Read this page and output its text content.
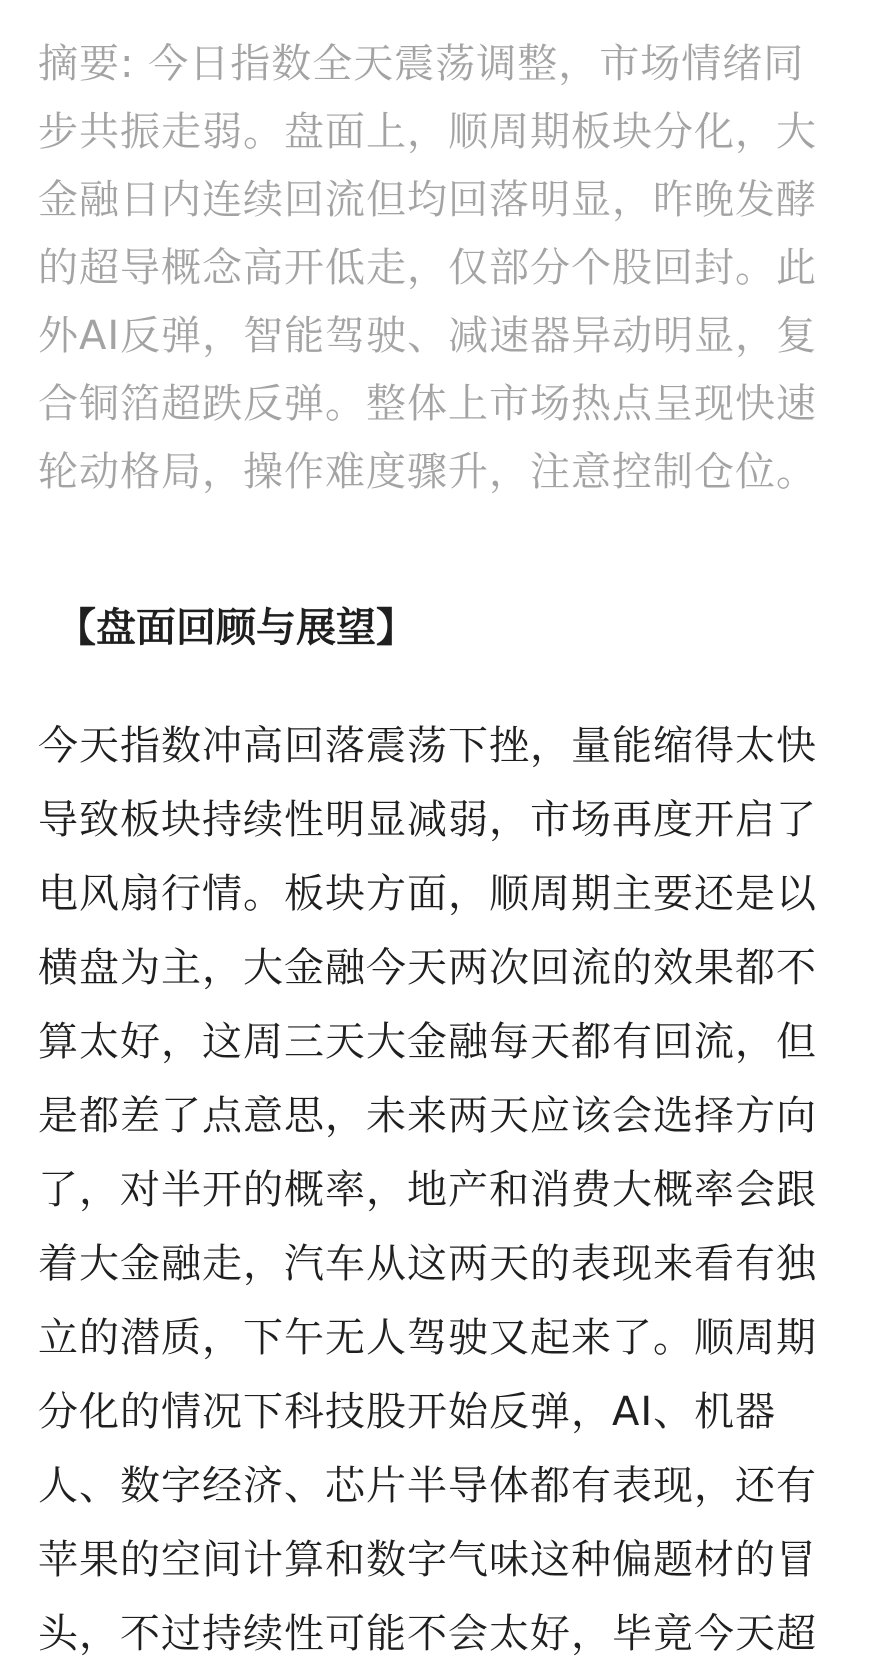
摘要: 今日指数全天震荡调整，市场情绪同
步共振走弱。盘面上，顺周期板块分化，大
金融日内连续回流但均回落明显，昨晚发酵
的超导概念高开低走，仅部分个股回封。此
外AI反弹，智能驾驶、减速器异动明显，复
合铜箔超跌反弹。整体上市场热点呈现快速
轮动格局，操作难度骤升，注意控制仓位。
【盘面回顾与展望】
今天指数冲高回落震荡下挫，量能缩得太快
导致板块持续性明显减弱，市场再度开启了
电风扇行情。板块方面，顺周期主要还是以
横盘为主，大金融今天两次回流的效果都不
算太好，这周三天大金融每天都有回流，但
是都差了点意思，未来两天应该会选择方向
了，对半开的概率，地产和消费大概率会跟
着大金融走，汽车从这两天的表现来看有独
立的潜质，下午无人驾驶又起来了。顺周期
分化的情况下科技股开始反弹，AI、机器
人、数字经济、芯片半导体都有表现，还有
苹果的空间计算和数字气味这种偏题材的冒
头，不过持续性可能不会太好，毕竟今天超
